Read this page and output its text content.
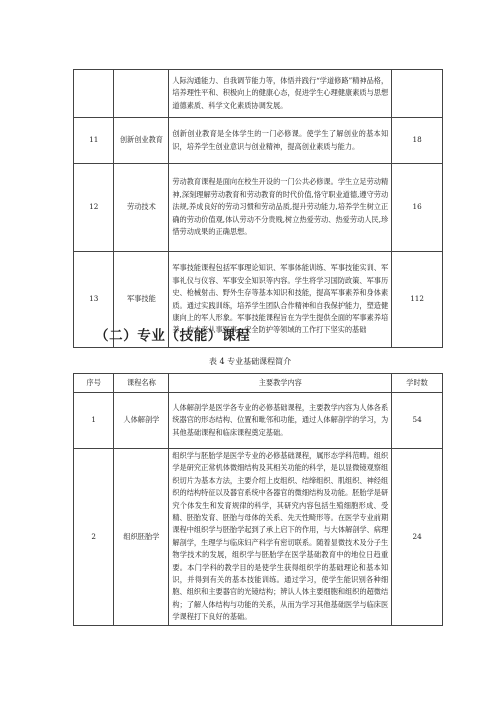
		人际沟通能力、自我调节能力等，体悟并践行“学道修路”精神品格，培养理性平和、积极向上的健康心态，促进学生心理健康素质与思想道德素质、科学文化素质协调发展。	
11	创新创业教育	创新创业教育是全体学生的一门必修课。使学生了解创业的基本知识，培养学生创业意识与创业精神，提高创业素质与能力。	18
12	劳动技术	劳动教育课程是面向在校生开设的一门公共必修课。学生立足劳动精神,深刻理解劳动教育和劳动教育的时代价值,恪守职业道德,遵守劳动法规,养成良好的劳动习惯和劳动品质,提升劳动能力,培养学生树立正确的劳动价值观,体认劳动不分贵贱,树立热爱劳动、热爱劳动人民,珍惜劳动成果的正确思想。	16
13	军事技能	军事技能课程包括军事理论知识、军事体能训练、军事技能实训、军事礼仪与仪容、军事安全知识等内容。学生将学习国防政策、军事历史、枪械射击、野外生存等基本知识和技能，提高军事素养和身体素质。通过实践训练，培养学生团队合作精神和自我保护能力，塑造健康向上的军人形象。军事技能课程旨在为学生提供全面的军事素养培养，为未来从事军事、安全防护等领域的工作打下坚实的基础	112
（二）专业（技能）课程
表 4 专业基础课程简介
序号	课程名称	主要教学内容	学时数
1	人体解剖学	人体解剖学是医学各专业的必修基础课程，主要教学内容为人体各系统器官的形态结构、位置和毗邻和功能，通过人体解剖学的学习，为其他基础课程和临床课程奠定基础。	54
2	组织胚胎学	组织学与胚胎学是医学专业的必修基础课程，属形态学科范畴。组织学是研究正常机体微细结构及其相关功能的科学，是以显微镜观察组织切片为基本方法，主要介绍上皮组织、结缔组织、肌组织、神经组织的结构特征以及器官系统中各器官的微细结构及功能。胚胎学是研究个体发生和发育规律的科学，其研究内容包括生殖细胞形成、受精、胚胎发育、胚胎与母体的关系、先天性畸形等。在医学专业前期课程中组织学与胚胎学起到了承上启下的作用，与大体解剖学、病理解剖学，生理学与临床妇产科学有密切联系。随着显微技术及分子生物学技术的发展，组织学与胚胎学在医学基础教育中的地位日趋重要。本门学科的教学目的是使学生获得组织学的基础理论和基本知识，并得到有关的基本技能训练。通过学习，使学生能识别各种细胞、组织和主要器官的光镜结构；辨认人体主要细胞和组织的超微结构；了解人体结构与功能的关系，从而为学习其他基础医学与临床医学课程打下良好的基础。	24
